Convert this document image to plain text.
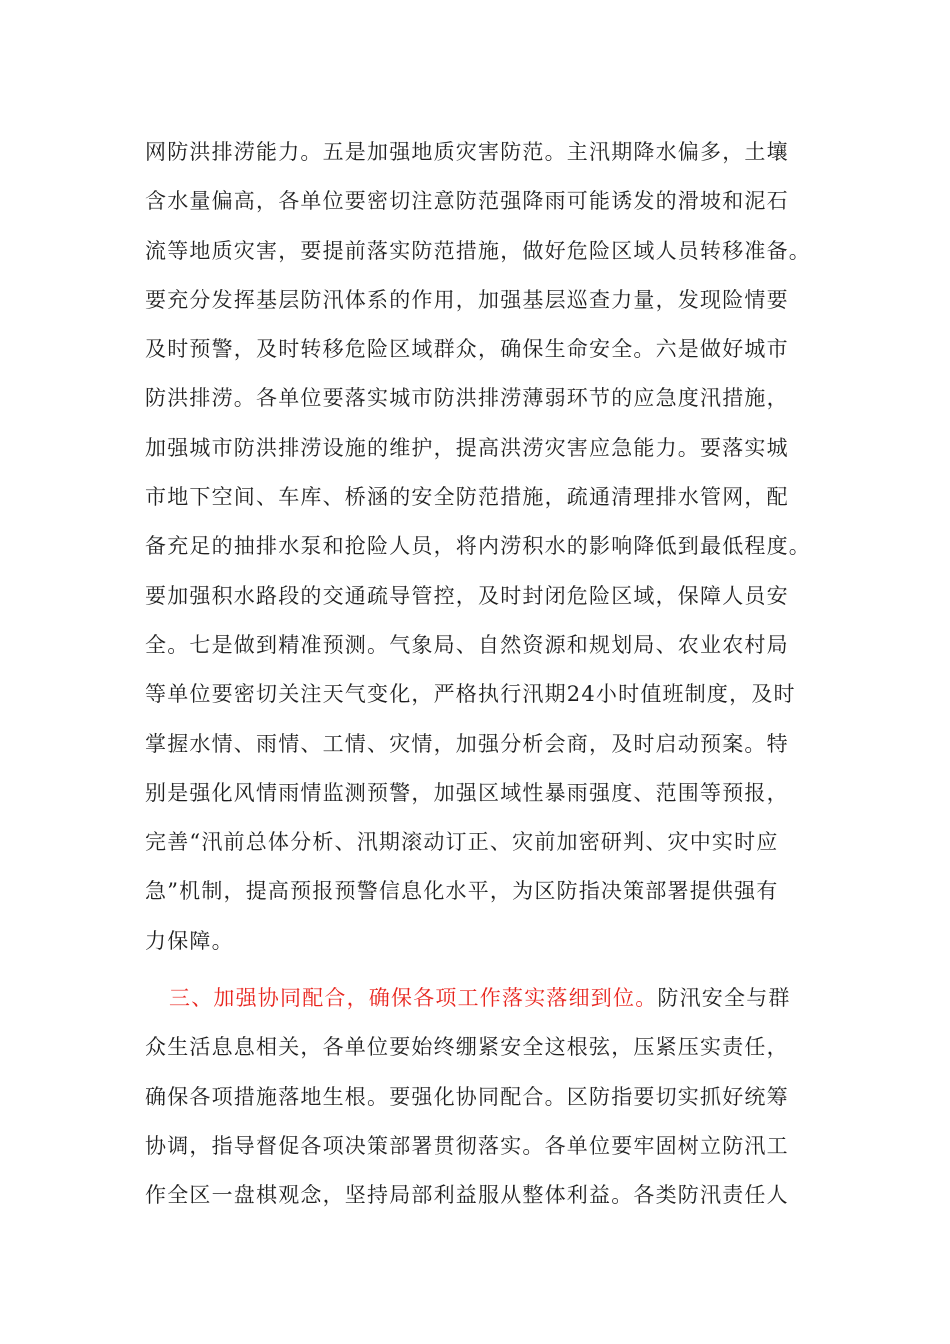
网防洪排涝能力。五是加强地质灾害防范。主汛期降水偏多，土壤
含水量偏高，各单位要密切注意防范强降雨可能诱发的滑坡和泥石
流等地质灾害，要提前落实防范措施，做好危险区域人员转移准备。
要充分发挥基层防汛体系的作用，加强基层巡查力量，发现险情要
及时预警，及时转移危险区域群众，确保生命安全。六是做好城市
防洪排涝。各单位要落实城市防洪排涝薄弱环节的应急度汛措施，
加强城市防洪排涝设施的维护，提高洪涝灾害应急能力。要落实城
市地下空间、车库、桥涵的安全防范措施，疏通清理排水管网，配
备充足的抽排水泵和抢险人员，将内涝积水的影响降低到最低程度。
要加强积水路段的交通疏导管控，及时封闭危险区域，保障人员安
全。七是做到精准预测。气象局、自然资源和规划局、农业农村局
等单位要密切关注天气变化，严格执行汛期24小时值班制度，及时
掌握水情、雨情、工情、灾情，加强分析会商，及时启动预案。特
别是强化风情雨情监测预警，加强区域性暴雨强度、范围等预报，
完善“汛前总体分析、汛期滚动订正、灾前加密研判、灾中实时应
急”机制，提高预报预警信息化水平，为区防指决策部署提供强有
力保障。
三、加强协同配合，确保各项工作落实落细到位。防汛安全与群
众生活息息相关，各单位要始终绷紧安全这根弦，压紧压实责任，
确保各项措施落地生根。要强化协同配合。区防指要切实抓好统筹
协调，指导督促各项决策部署贯彻落实。各单位要牢固树立防汛工
作全区一盘棋观念，坚持局部利益服从整体利益。各类防汛责任人
